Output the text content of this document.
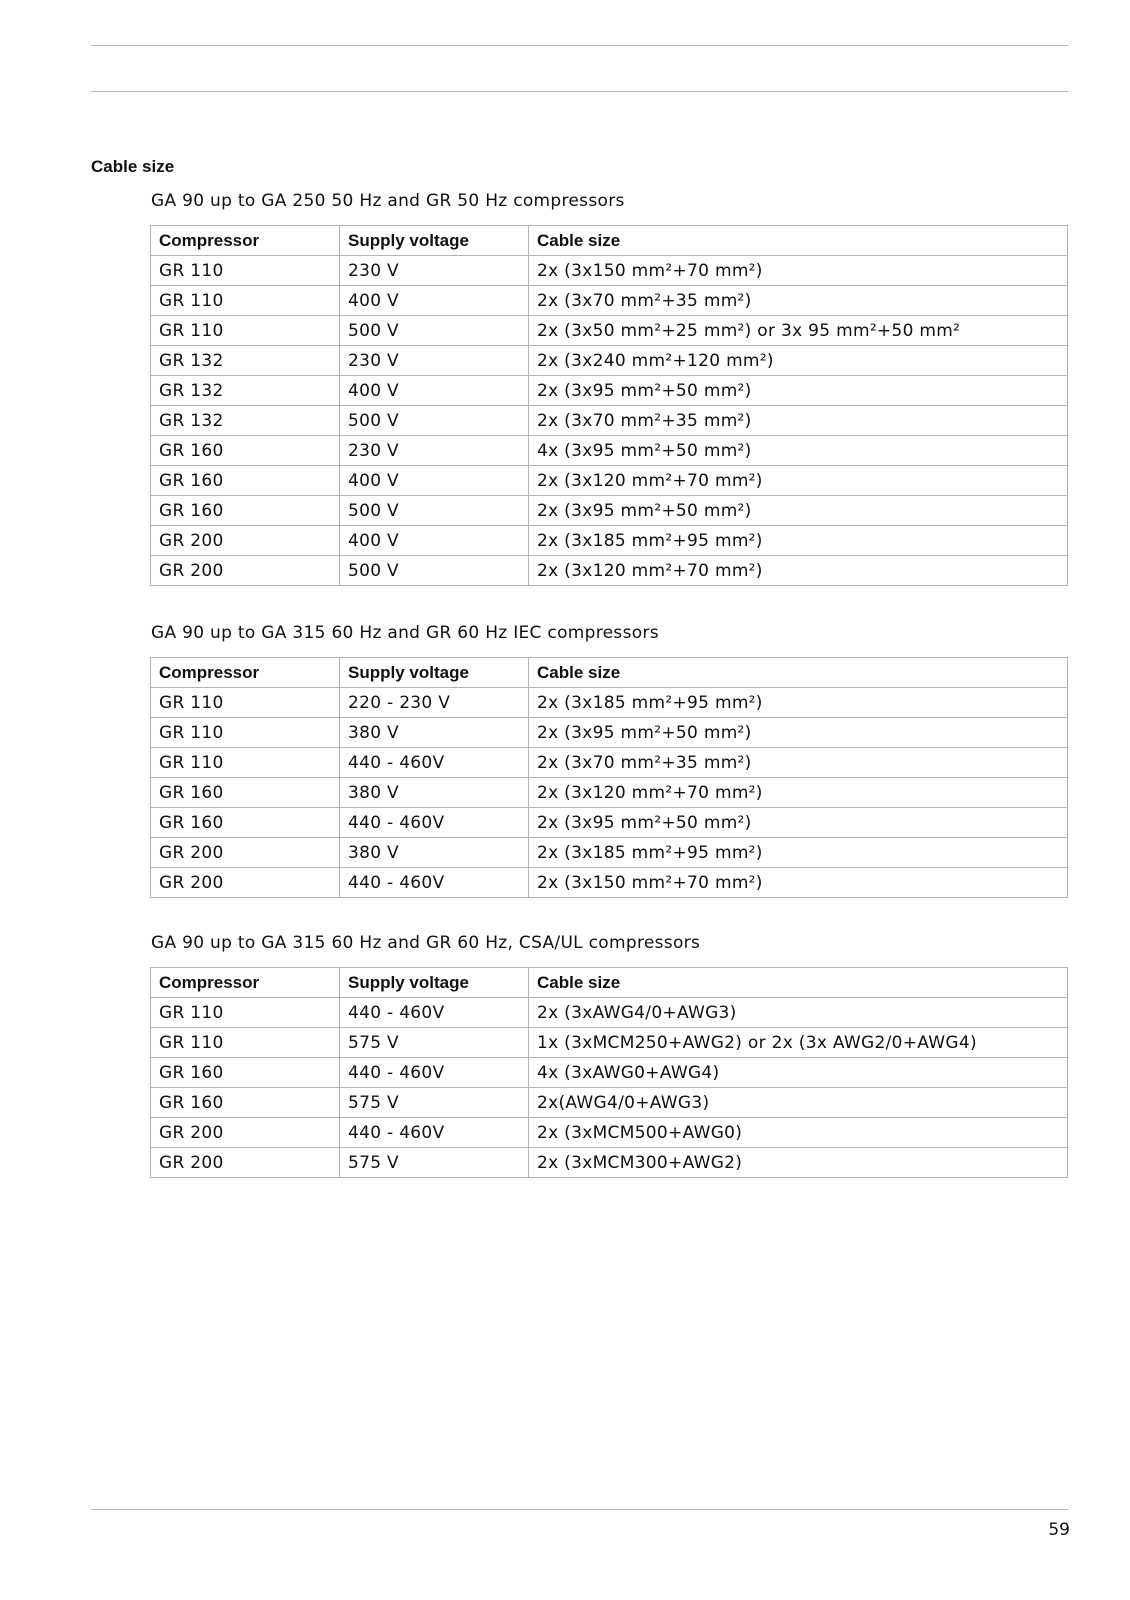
Cable size
GA 90 up to GA 250 50 Hz and GR 50 Hz compressors
Compressor	Supply voltage	Cable size
GR 110	230 V	2x (3x150 mm²+70 mm²)
GR 110	400 V	2x (3x70 mm²+35 mm²)
GR 110	500 V	2x (3x50 mm²+25 mm²) or 3x 95 mm²+50 mm²
GR 132	230 V	2x (3x240 mm²+120 mm²)
GR 132	400 V	2x (3x95 mm²+50 mm²)
GR 132	500 V	2x (3x70 mm²+35 mm²)
GR 160	230 V	4x (3x95 mm²+50 mm²)
GR 160	400 V	2x (3x120 mm²+70 mm²)
GR 160	500 V	2x (3x95 mm²+50 mm²)
GR 200	400 V	2x (3x185 mm²+95 mm²)
GR 200	500 V	2x (3x120 mm²+70 mm²)
GA 90 up to GA 315 60 Hz and GR 60 Hz IEC compressors
Compressor	Supply voltage	Cable size
GR 110	220 - 230 V	2x (3x185 mm²+95 mm²)
GR 110	380 V	2x (3x95 mm²+50 mm²)
GR 110	440 - 460V	2x (3x70 mm²+35 mm²)
GR 160	380 V	2x (3x120 mm²+70 mm²)
GR 160	440 - 460V	2x (3x95 mm²+50 mm²)
GR 200	380 V	2x (3x185 mm²+95 mm²)
GR 200	440 - 460V	2x (3x150 mm²+70 mm²)
GA 90 up to GA 315 60 Hz and GR 60 Hz, CSA/UL compressors
Compressor	Supply voltage	Cable size
GR 110	440 - 460V	2x (3xAWG4/0+AWG3)
GR 110	575 V	1x (3xMCM250+AWG2) or 2x (3x AWG2/0+AWG4)
GR 160	440 - 460V	4x (3xAWG0+AWG4)
GR 160	575 V	2x(AWG4/0+AWG3)
GR 200	440 - 460V	2x (3xMCM500+AWG0)
GR 200	575 V	2x (3xMCM300+AWG2)
59
